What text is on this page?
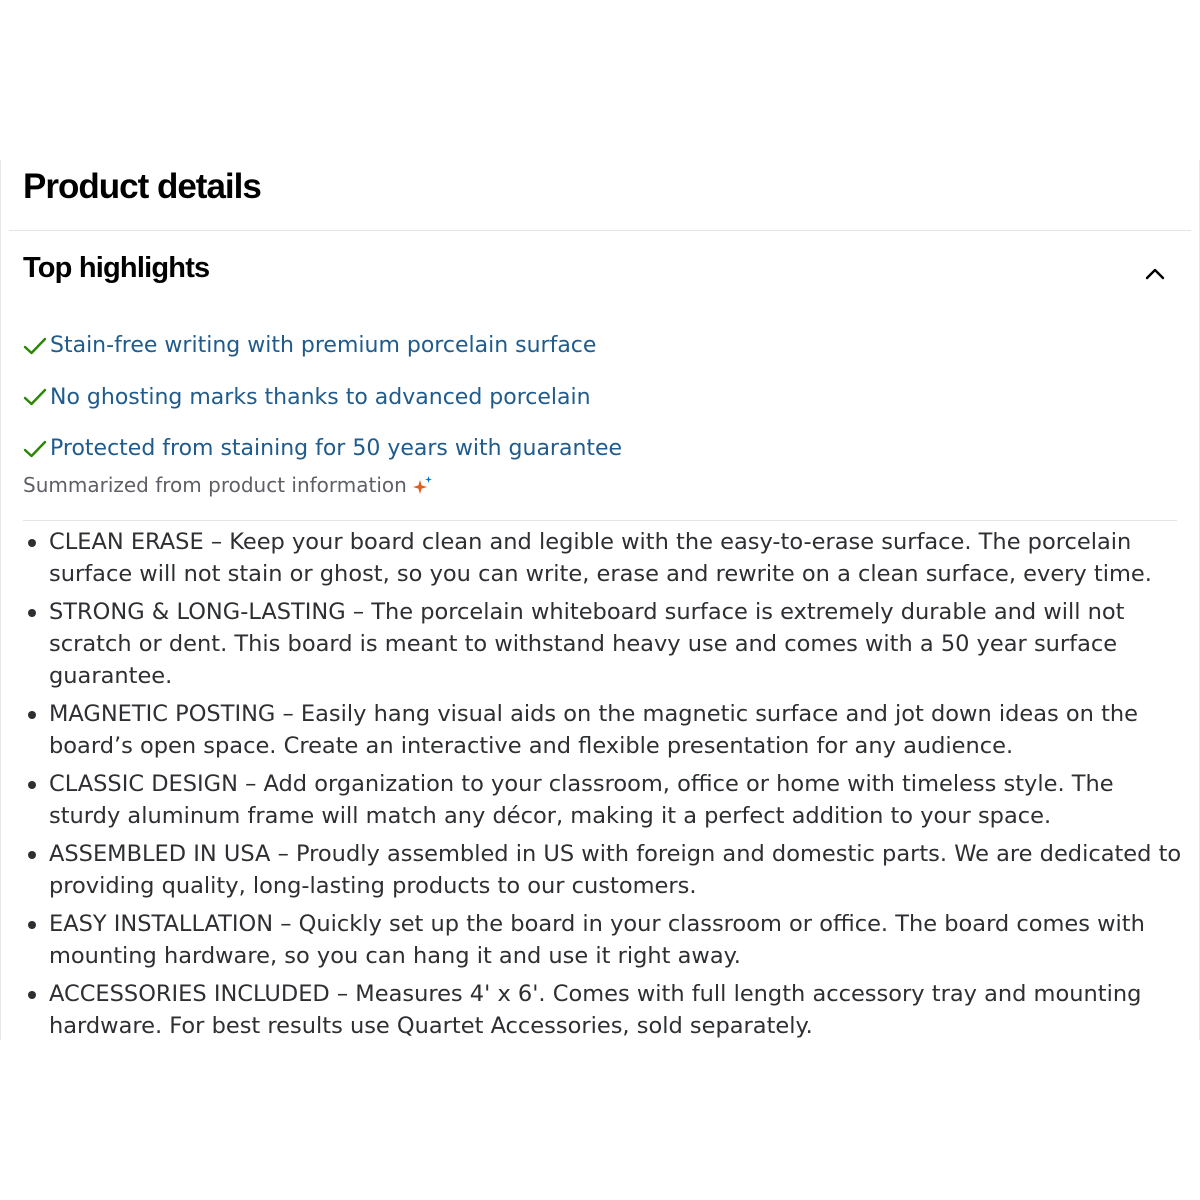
Product details
Top highlights
Stain-free writing with premium porcelain surface
No ghosting marks thanks to advanced porcelain
Protected from staining for 50 years with guarantee
Summarized from product information
CLEAN ERASE – Keep your board clean and legible with the easy-to-erase surface. The porcelain surface will not stain or ghost, so you can write, erase and rewrite on a clean surface, every time.
STRONG & LONG-LASTING – The porcelain whiteboard surface is extremely durable and will not scratch or dent. This board is meant to withstand heavy use and comes with a 50 year surface guarantee.
MAGNETIC POSTING – Easily hang visual aids on the magnetic surface and jot down ideas on the board’s open space. Create an interactive and flexible presentation for any audience.
CLASSIC DESIGN – Add organization to your classroom, office or home with timeless style. The sturdy aluminum frame will match any décor, making it a perfect addition to your space.
ASSEMBLED IN USA – Proudly assembled in US with foreign and domestic parts. We are dedicated to providing quality, long-lasting products to our customers.
EASY INSTALLATION – Quickly set up the board in your classroom or office. The board comes with mounting hardware, so you can hang it and use it right away.
ACCESSORIES INCLUDED – Measures 4' x 6'. Comes with full length accessory tray and mounting hardware. For best results use Quartet Accessories, sold separately.
